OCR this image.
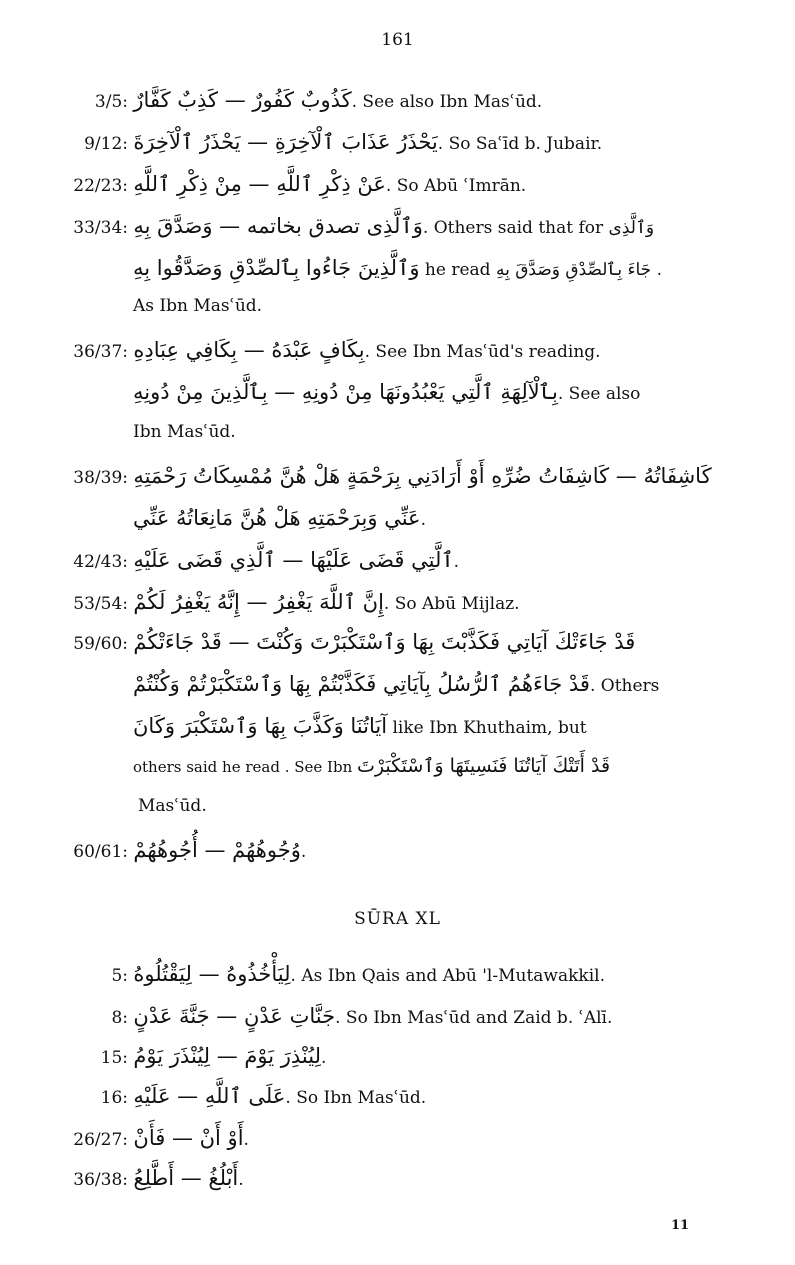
161
3/5: كَذُوبٌ كَفُورٌ — كَذِبٌ كَفَّارٌ. See also Ibn Masʿūd.
9/12: يَحْذَرُ عَذَابَ ٱلْآخِرَةِ — يَحْذَرُ ٱلْآخِرَةَ. So Saʿīd b. Jubair.
22/23: عَنْ ذِكْرِ ٱللَّهِ — مِنْ ذِكْرِ ٱللَّهِ. So Abū ʿImrān.
33/34: وَٱلَّذِى تصدق بخاتمه — وَصَدَّقَ بِهِ. Others said that for وَٱلَّذِى
وَٱلَّذِينَ جَاءُوا بِٱلصِّدْقِ وَصَدَّقُوا بِهِ he read جَاءَ بِٱلصِّدْقِ وَصَدَّقَ بِهِ .
As Ibn Masʿūd.
36/37: بِكَافٍ عَبْدَهُ — بِكَافِي عِبَادِهِ. See Ibn Masʿūd's reading.
بِٱلْآلِهَةِ ٱلَّتِي يَعْبُدُونَهَا مِنْ دُونِهِ — بِٱلَّذِينَ مِنْ دُونِهِ. See also
Ibn Masʿūd.
38/39: كَاشِفَاتُهُ — كَاشِفَاتُ ضُرِّهِ أَوْ أَرَادَنِي بِرَحْمَةٍ هَلْ هُنَّ مُمْسِكَاتُ رَحْمَتِهِ
عَنِّي وَبِرَحْمَتِهِ هَلْ هُنَّ مَانِعَاتُهُ عَنِّي.
42/43: ٱلَّتِي قَضَى عَلَيْهَا — ٱلَّذِي قَضَى عَلَيْهِ.
53/54: إِنَّ ٱللَّهَ يَغْفِرُ — إِنَّهُ يَغْفِرُ لَكُمْ. So Abū Mijlaz.
59/60: قَدْ جَاءَتْكَ آيَاتِي فَكَذَّبْتَ بِهَا وَٱسْتَكْبَرْتَ وَكُنْتَ — قَدْ جَاءَتْكُمْ
قَدْ جَاءَهُمُ ٱلرُّسُلُ بِآيَاتِي فَكَذَّبْتُمْ بِهَا وَٱسْتَكْبَرْتُمْ وَكُنْتُمْ. Others
آيَاتُنَا وَكَذَّبَ بِهَا وَٱسْتَكْبَرَ وَكَانَ like Ibn Khuthaim, but
others said he read . See Ibn قَدْ أَتَتْكَ آيَاتُنَا فَنَسِيتَهَا وَٱسْتَكْبَرْتَ
Masʿūd.
60/61: وُجُوهُهُمْ — أُجُوهُهُمْ.
SŪRA XL
5: لِيَأْخُذُوهُ — لِيَقْتُلُوهُ. As Ibn Qais and Abū 'l-Mutawakkil.
8: جَنَّاتِ عَدْنٍ — جَنَّةَ عَدْنٍ. So Ibn Masʿūd and Zaid b. ʿAlī.
15: لِيُنْذِرَ يَوْمَ — لِيُنْذَرَ يَوْمُ.
16: عَلَى ٱللَّهِ — عَلَيْهِ. So Ibn Masʿūd.
26/27: أَوْ أَنْ — فَأَنْ.
36/38: أَبْلُغُ — أَطَّلِعُ.
11
